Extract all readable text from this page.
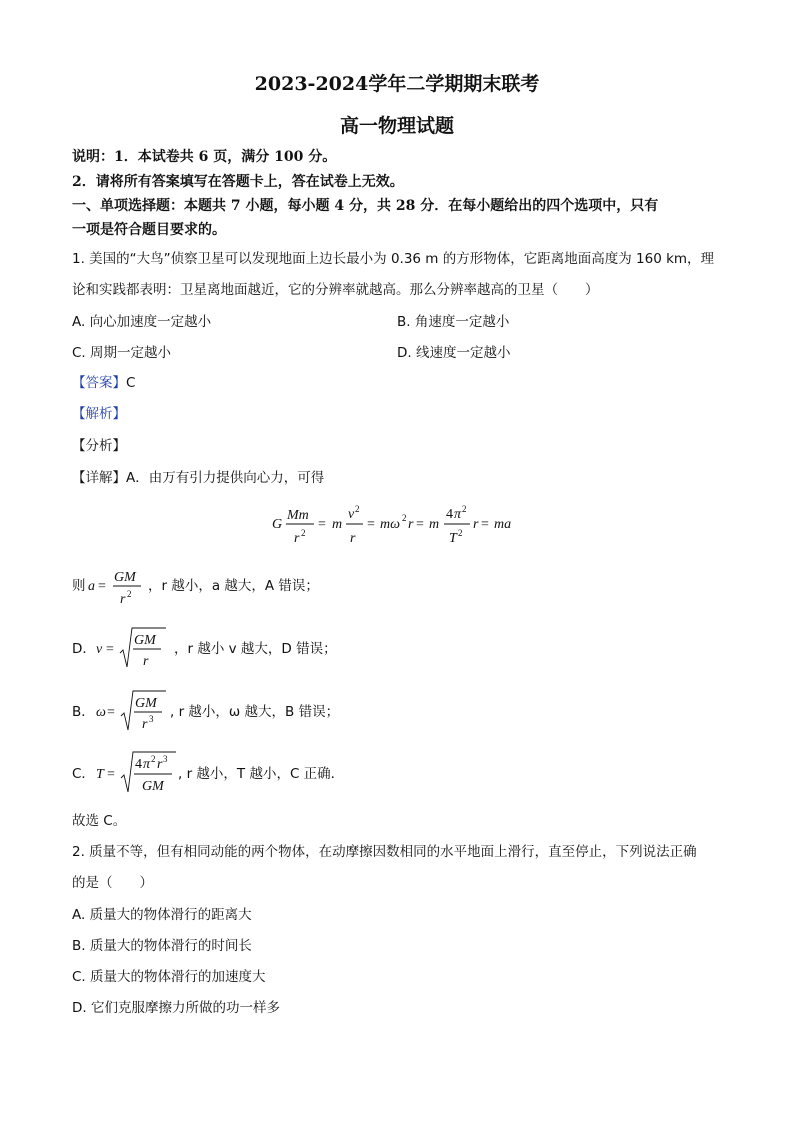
2023-2024学年二学期期末联考
高一物理试题
说明：1．本试卷共 6 页，满分 100 分。
2．请将所有答案填写在答题卡上，答在试卷上无效。
一、单项选择题：本题共 7 小题，每小题 4 分，共 28 分．在每小题给出的四个选项中，只有
一项是符合题目要求的。
1. 美国的“大鸟”侦察卫星可以发现地面上边长最小为 0.36 m 的方形物体，它距离地面高度为 160 km，理
论和实践都表明：卫星离地面越近，它的分辨率就越高。那么分辨率越高的卫星（　　）
A. 向心加速度一定越小	B. 角速度一定越小
C. 周期一定越小	D. 线速度一定越小
【答案】C
【解析】
【分析】
【详解】A．由万有引力提供向心力，可得
G
Mm
r 2
= m
v 2
r
= mω 2 r = m
4 π 2
T 2
r = ma
则 a =
GM
r 2 ，r 越小，a 越大，A 错误；
D． v =
GM
r
，r 越小 v 越大，D 错误；
B． ω =
GM
r 3 , r 越小，ω 越大，B 错误；
C． T =
4 π 2 r 3
GM
, r 越小，T 越小，C 正确．
故选 C。
2. 质量不等，但有相同动能的两个物体，在动摩擦因数相同的水平地面上滑行，直至停止，下列说法正确
的是（　　）
A. 质量大的物体滑行的距离大
B. 质量大的物体滑行的时间长
C. 质量大的物体滑行的加速度大
D. 它们克服摩擦力所做的功一样多
